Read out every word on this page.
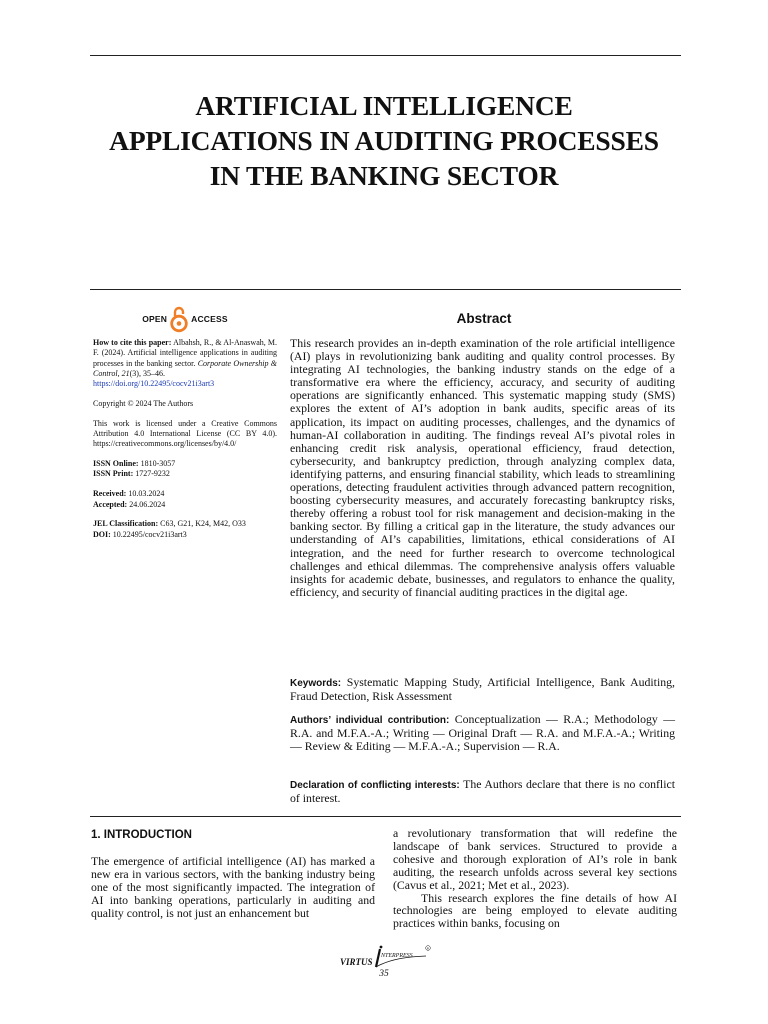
ARTIFICIAL INTELLIGENCE
APPLICATIONS IN AUDITING PROCESSES
IN THE BANKING SECTOR
OPEN	ACCESS

How to cite this paper: Albahsh, R., & Al-Anaswah, M. F. (2024). Artificial intelligence applications in auditing processes in the banking sector. Corporate Ownership & Control, 21(3), 35–46.
https://doi.org/10.22495/cocv21i3art3

Copyright © 2024 The Authors

This work is licensed under a Creative Commons Attribution 4.0 International License (CC BY 4.0). https://creativecommons.org/licenses/by/4.0/

ISSN Online: 1810-3057

ISSN Print: 1727-9232

Received: 10.03.2024

Accepted: 24.06.2024

JEL Classification: C63, G21, K24, M42, O33

DOI: 10.22495/cocv21i3art3

Abstract

This research provides an in-depth examination of the role artificial intelligence (AI) plays in revolutionizing bank auditing and quality control processes. By integrating AI technologies, the banking industry stands on the edge of a transformative era where the efficiency, accuracy, and security of auditing operations are significantly enhanced. This systematic mapping study (SMS) explores the extent of AI’s adoption in bank audits, specific areas of its application, its impact on auditing processes, challenges, and the dynamics of human-AI collaboration in auditing. The findings reveal AI’s pivotal roles in enhancing credit risk analysis, operational efficiency, fraud detection, cybersecurity, and bankruptcy prediction, through analyzing complex data, identifying patterns, and ensuring financial stability, which leads to streamlining operations, detecting fraudulent activities through advanced pattern recognition, boosting cybersecurity measures, and accurately forecasting bankruptcy risks, thereby offering a robust tool for risk management and decision-making in the banking sector. By filling a critical gap in the literature, the study advances our understanding of AI’s capabilities, limitations, ethical considerations of AI integration, and the need for further research to overcome technological challenges and ethical dilemmas. The comprehensive analysis offers valuable insights for academic debate, businesses, and regulators to enhance the quality, efficiency, and security of financial auditing practices in the digital age.

Keywords: Systematic Mapping Study, Artificial Intelligence, Bank Auditing, Fraud Detection, Risk Assessment

Authors’ individual contribution: Conceptualization — R.A.; Methodology — R.A. and M.F.A.-A.; Writing — Original Draft — R.A. and M.F.A.-A.; Writing — Review & Editing — M.F.A.-A.; Supervision — R.A.

Declaration of conflicting interests: The Authors declare that there is no conflict of interest.

1. INTRODUCTION

The emergence of artificial intelligence (AI) has marked a new era in various sectors, with the banking industry being one of the most significantly impacted. The integration of AI into banking operations, particularly in auditing and quality control, is not just an enhancement but

a revolutionary transformation that will redefine the landscape of bank services. Structured to provide a cohesive and thorough exploration of AI’s role in bank auditing, the research unfolds across several key sections (Cavus et al., 2021; Met et al., 2023).

This research explores the fine details of how AI technologies are being employed to elevate auditing practices within banks, focusing on

VIRTUS
NTERPRESS
R
35
